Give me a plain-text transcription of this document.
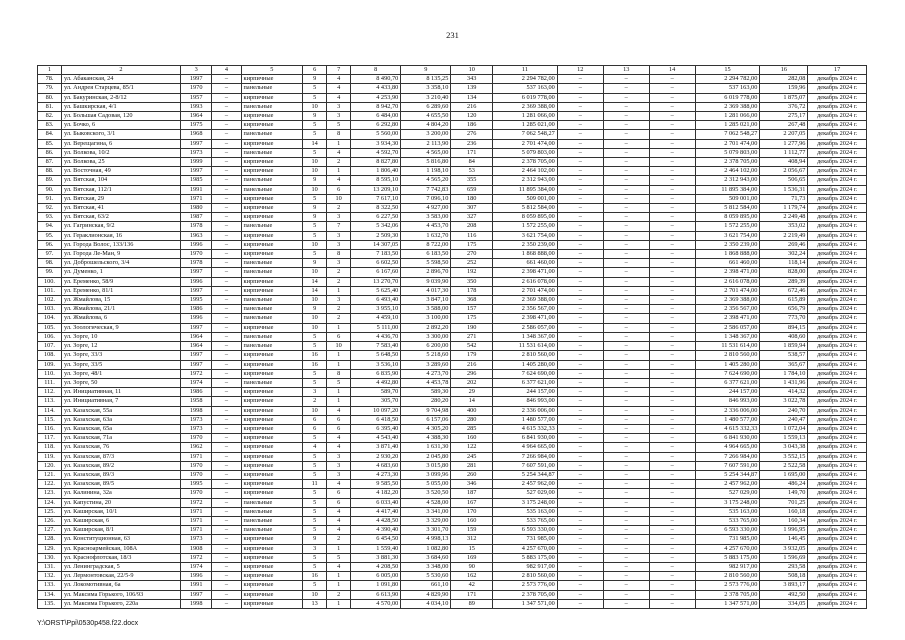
231
1	2	3	4	5	6	7	8	9	10	11	12	13	14	15	16	17
78.	ул. Абаканская, 24	1997	–	кирпичные	9	4	8 490,70	8 135,25	343	2 294 782,00	–	–	–	2 294 782,00	282,08	декабрь 2024 г.
79.	ул. Андрея Старцева, 85/1	1970	–	панельные	5	4	4 433,80	3 358,10	139	537 163,00	–	–	–	537 163,00	159,96	декабрь 2024 г.
80.	ул. Бакуринская, 2-8/12	1957	–	кирпичные	5	4	4 253,90	3 210,40	134	6 019 778,00	–	–	–	6 019 778,00	1 875,07	декабрь 2024 г.
81.	ул. Башкирская, 4/1	1993	–	панельные	10	3	8 942,70	6 289,60	216	2 369 388,00	–	–	–	2 369 388,00	376,72	декабрь 2024 г.
82.	ул. Большая Садовая, 120	1964	–	кирпичные	9	3	6 484,00	4 655,50	120	1 281 066,00	–	–	–	1 281 066,00	275,17	декабрь 2024 г.
83.	ул. Бочко, 6	1975	–	кирпичные	5	5	6 292,80	4 804,20	186	1 285 021,00	–	–	–	1 285 021,00	267,48	декабрь 2024 г.
84.	ул. Быковского, 3/1	1968	–	панельные	5	8	5 560,00	3 200,00	276	7 062 548,27	–	–	–	7 062 548,27	2 207,05	декабрь 2024 г.
85.	ул. Верещагина, 6	1997	–	кирпичные	14	1	3 934,30	2 113,90	236	2 701 474,00	–	–	–	2 701 474,00	1 277,96	декабрь 2024 г.
86.	ул. Волкова, 10/2	1973	–	панельные	5	4	4 592,70	4 565,00	171	5 079 803,00	–	–	–	5 079 803,00	1 112,77	декабрь 2024 г.
87.	ул. Волкова, 25	1999	–	кирпичные	10	2	8 827,80	5 816,80	84	2 378 705,00	–	–	–	2 378 705,00	408,94	декабрь 2024 г.
88.	ул. Восточная, 49	1997	–	кирпичные	10	1	1 806,40	1 198,10	53	2 464 102,00	–	–	–	2 464 102,00	2 056,67	декабрь 2024 г.
89.	ул. Вятская, 104	1985	–	панельные	9	4	8 595,10	4 565,20	355	2 312 943,00	–	–	–	2 312 943,00	506,65	декабрь 2024 г.
90.	ул. Вятская, 112/1	1991	–	панельные	10	6	13 209,10	7 742,83	659	11 895 384,00	–	–	–	11 895 384,00	1 536,31	декабрь 2024 г.
91.	ул. Вятская, 29	1971	–	кирпичные	5	10	7 617,10	7 096,10	180	509 001,00	–	–	–	509 001,00	71,73	декабрь 2024 г.
92.	ул. Вятская, 41	1980	–	кирпичные	9	2	8 322,50	4 927,00	307	5 812 584,00	–	–	–	5 812 584,00	1 179,74	декабрь 2024 г.
93.	ул. Вятская, 63/2	1987	–	кирпичные	9	3	6 227,50	3 583,00	327	8 059 895,00	–	–	–	8 059 895,00	2 249,48	декабрь 2024 г.
94.	ул. Гагринская, 9/2	1978	–	панельные	5	7	5 342,06	4 453,70	208	1 572 255,00	–	–	–	1 572 255,00	353,02	декабрь 2024 г.
95.	ул. Гераклионская, 16	1963	–	кирпичные	5	3	2 509,30	1 632,70	116	3 621 754,00	–	–	–	3 621 754,00	2 219,49	декабрь 2024 г.
96.	ул. Города Волос, 133/136	1996	–	кирпичные	10	3	14 307,05	8 722,00	175	2 350 239,00	–	–	–	2 350 239,00	269,46	декабрь 2024 г.
97.	ул. Города Ле-Ман, 9	1970	–	кирпичные	5	8	7 183,50	6 183,50	270	1 868 888,00	–	–	–	1 868 888,00	302,24	декабрь 2024 г.
98.	ул. Доброшельского, 3/4	1978	–	панельные	9	3	6 602,50	5 598,50	252	661 460,00	–	–	–	661 460,00	118,14	декабрь 2024 г.
99.	ул. Думенко, 1	1997	–	панельные	10	2	6 167,60	2 896,70	192	2 398 471,00	–	–	–	2 398 471,00	828,00	декабрь 2024 г.
100.	ул. Еременко, 58/9	1996	–	кирпичные	14	2	13 270,70	9 039,90	350	2 616 078,00	–	–	–	2 616 078,00	289,39	декабрь 2024 г.
101.	ул. Еременко, 81/1	1997	–	кирпичные	14	1	5 625,40	4 017,30	178	2 701 474,00	–	–	–	2 701 474,00	672,46	декабрь 2024 г.
102.	ул. Жмайлова, 15	1995	–	панельные	10	3	6 493,40	3 847,10	368	2 369 388,00	–	–	–	2 369 388,00	615,89	декабрь 2024 г.
103.	ул. Жмайлова, 21/1	1986	–	панельные	9	2	3 955,10	3 588,00	157	2 356 567,00	–	–	–	2 356 567,00	656,79	декабрь 2024 г.
104.	ул. Жмайлова, 6	1996	–	панельные	10	2	4 459,10	3 100,00	175	2 398 471,00	–	–	–	2 398 471,00	773,70	декабрь 2024 г.
105.	ул. Зоологическая, 9	1997	–	кирпичные	10	1	5 111,00	2 892,20	190	2 586 057,00	–	–	–	2 586 057,00	894,15	декабрь 2024 г.
106.	ул. Зорге, 10	1964	–	панельные	5	6	4 436,70	3 300,00	271	1 348 367,00	–	–	–	1 348 367,00	408,60	декабрь 2024 г.
107.	ул. Зорге, 12	1964	–	панельные	5	10	7 583,40	6 200,00	542	11 531 614,00	–	–	–	11 531 614,00	1 859,94	декабрь 2024 г.
108.	ул. Зорге, 33/3	1997	–	кирпичные	16	1	5 648,50	5 218,60	179	2 810 560,00	–	–	–	2 810 560,00	538,57	декабрь 2024 г.
109.	ул. Зорге, 33/5	1997	–	кирпичные	16	1	3 536,10	3 289,60	216	1 405 280,00	–	–	–	1 405 280,00	365,67	декабрь 2024 г.
110.	ул. Зорге, 48/1	1972	–	кирпичные	5	8	6 835,90	4 273,70	296	7 624 690,00	–	–	–	7 624 690,00	1 784,10	декабрь 2024 г.
111.	ул. Зорге, 50	1974	–	панельные	5	5	4 492,80	4 453,78	202	6 377 621,00	–	–	–	6 377 621,00	1 431,96	декабрь 2024 г.
112.	ул. Инициативная, 11	1986	–	кирпичные	3	1	589,70	589,30	29	244 157,00	–	–	–	244 157,00	414,32	декабрь 2024 г.
113.	ул. Инициативная, 7	1958	–	кирпичные	2	1	305,70	280,20	14	846 993,00	–	–	–	846 993,00	3 022,78	декабрь 2024 г.
114.	ул. Казахская, 55а	1998	–	кирпичные	10	4	10 097,20	9 704,98	400	2 336 006,00	–	–	–	2 336 006,00	240,70	декабрь 2024 г.
115.	ул. Казахская, 63а	1973	–	кирпичные	6	6	6 418,50	6 157,06	280	1 480 577,00	–	–	–	1 480 577,00	240,47	декабрь 2024 г.
116.	ул. Казахская, 65а	1973	–	кирпичные	6	6	6 395,40	4 305,20	285	4 615 332,33	–	–	–	4 615 332,33	1 072,04	декабрь 2024 г.
117.	ул. Казахская, 71а	1970	–	кирпичные	5	4	4 543,40	4 388,30	160	6 841 930,00	–	–	–	6 841 930,00	1 559,13	декабрь 2024 г.
118.	ул. Казахская, 76	1962	–	кирпичные	4	4	3 871,40	1 631,30	122	4 964 665,00	–	–	–	4 964 665,00	3 043,38	декабрь 2024 г.
119.	ул. Казахская, 87/3	1971	–	кирпичные	5	3	2 930,20	2 045,80	245	7 266 984,00	–	–	–	7 266 984,00	3 552,15	декабрь 2024 г.
120.	ул. Казахская, 89/2	1970	–	кирпичные	5	3	4 683,60	3 015,80	281	7 607 591,00	–	–	–	7 607 591,00	2 522,58	декабрь 2024 г.
121.	ул. Казахская, 89/3	1970	–	кирпичные	5	3	4 273,30	3 099,96	260	5 254 344,87	–	–	–	5 254 344,87	1 695,00	декабрь 2024 г.
122.	ул. Казахская, 89/5	1995	–	кирпичные	11	4	9 585,50	5 055,00	346	2 457 962,00	–	–	–	2 457 962,00	486,24	декабрь 2024 г.
123.	ул. Калинина, 32а	1970	–	кирпичные	5	6	4 182,20	3 520,50	187	527 029,00	–	–	–	527 029,00	149,70	декабрь 2024 г.
124.	ул. Капустина, 20	1972	–	панельные	5	6	6 033,40	4 528,00	167	3 175 248,00	–	–	–	3 175 248,00	701,25	декабрь 2024 г.
125.	ул. Каширская, 10/1	1971	–	панельные	5	4	4 417,40	3 341,00	170	535 163,00	–	–	–	535 163,00	160,18	декабрь 2024 г.
126.	ул. Каширская, 6	1971	–	панельные	5	4	4 428,50	3 329,00	160	533 765,00	–	–	–	533 765,00	160,34	декабрь 2024 г.
127.	ул. Каширская, 8/1	1971	–	панельные	5	4	4 390,40	3 301,70	159	6 593 330,00	–	–	–	6 593 330,00	1 996,95	декабрь 2024 г.
128.	ул. Конституционная, 63	1973	–	кирпичные	9	2	6 454,50	4 998,13	312	731 985,00	–	–	–	731 985,00	146,45	декабрь 2024 г.
129.	ул. Красноармейская, 108А	1908	–	кирпичные	3	1	1 559,40	1 082,80	15	4 257 670,00	–	–	–	4 257 670,00	3 932,05	декабрь 2024 г.
130.	ул. Краснофлотская, 18/3	1972	–	кирпичные	5	5	3 881,30	3 684,60	169	5 883 175,00	–	–	–	5 883 175,00	1 596,69	декабрь 2024 г.
131.	ул. Ленинградская, 5	1974	–	кирпичные	5	4	4 208,50	3 348,00	90	982 917,00	–	–	–	982 917,00	293,58	декабрь 2024 г.
132.	ул. Лермонтовская, 22/5-9	1996	–	кирпичные	16	1	6 005,00	5 530,60	162	2 810 560,00	–	–	–	2 810 560,00	508,18	декабрь 2024 г.
133.	ул. Локомотивная, 6а	1991	–	кирпичные	5	1	1 091,80	661,10	42	2 573 776,00	–	–	–	2 573 776,00	3 893,17	декабрь 2024 г.
134.	ул. Максима Горького, 106/93	1997	–	кирпичные	10	2	6 613,90	4 829,90	171	2 378 705,00	–	–	–	2 378 705,00	492,50	декабрь 2024 г.
135.	ул. Максима Горького, 220а	1998	–	кирпичные	13	1	4 570,00	4 034,10	89	1 347 571,00	–	–	–	1 347 571,00	334,05	декабрь 2024 г.
Y:\ORST\Ppi\0530p458.f22.docx
